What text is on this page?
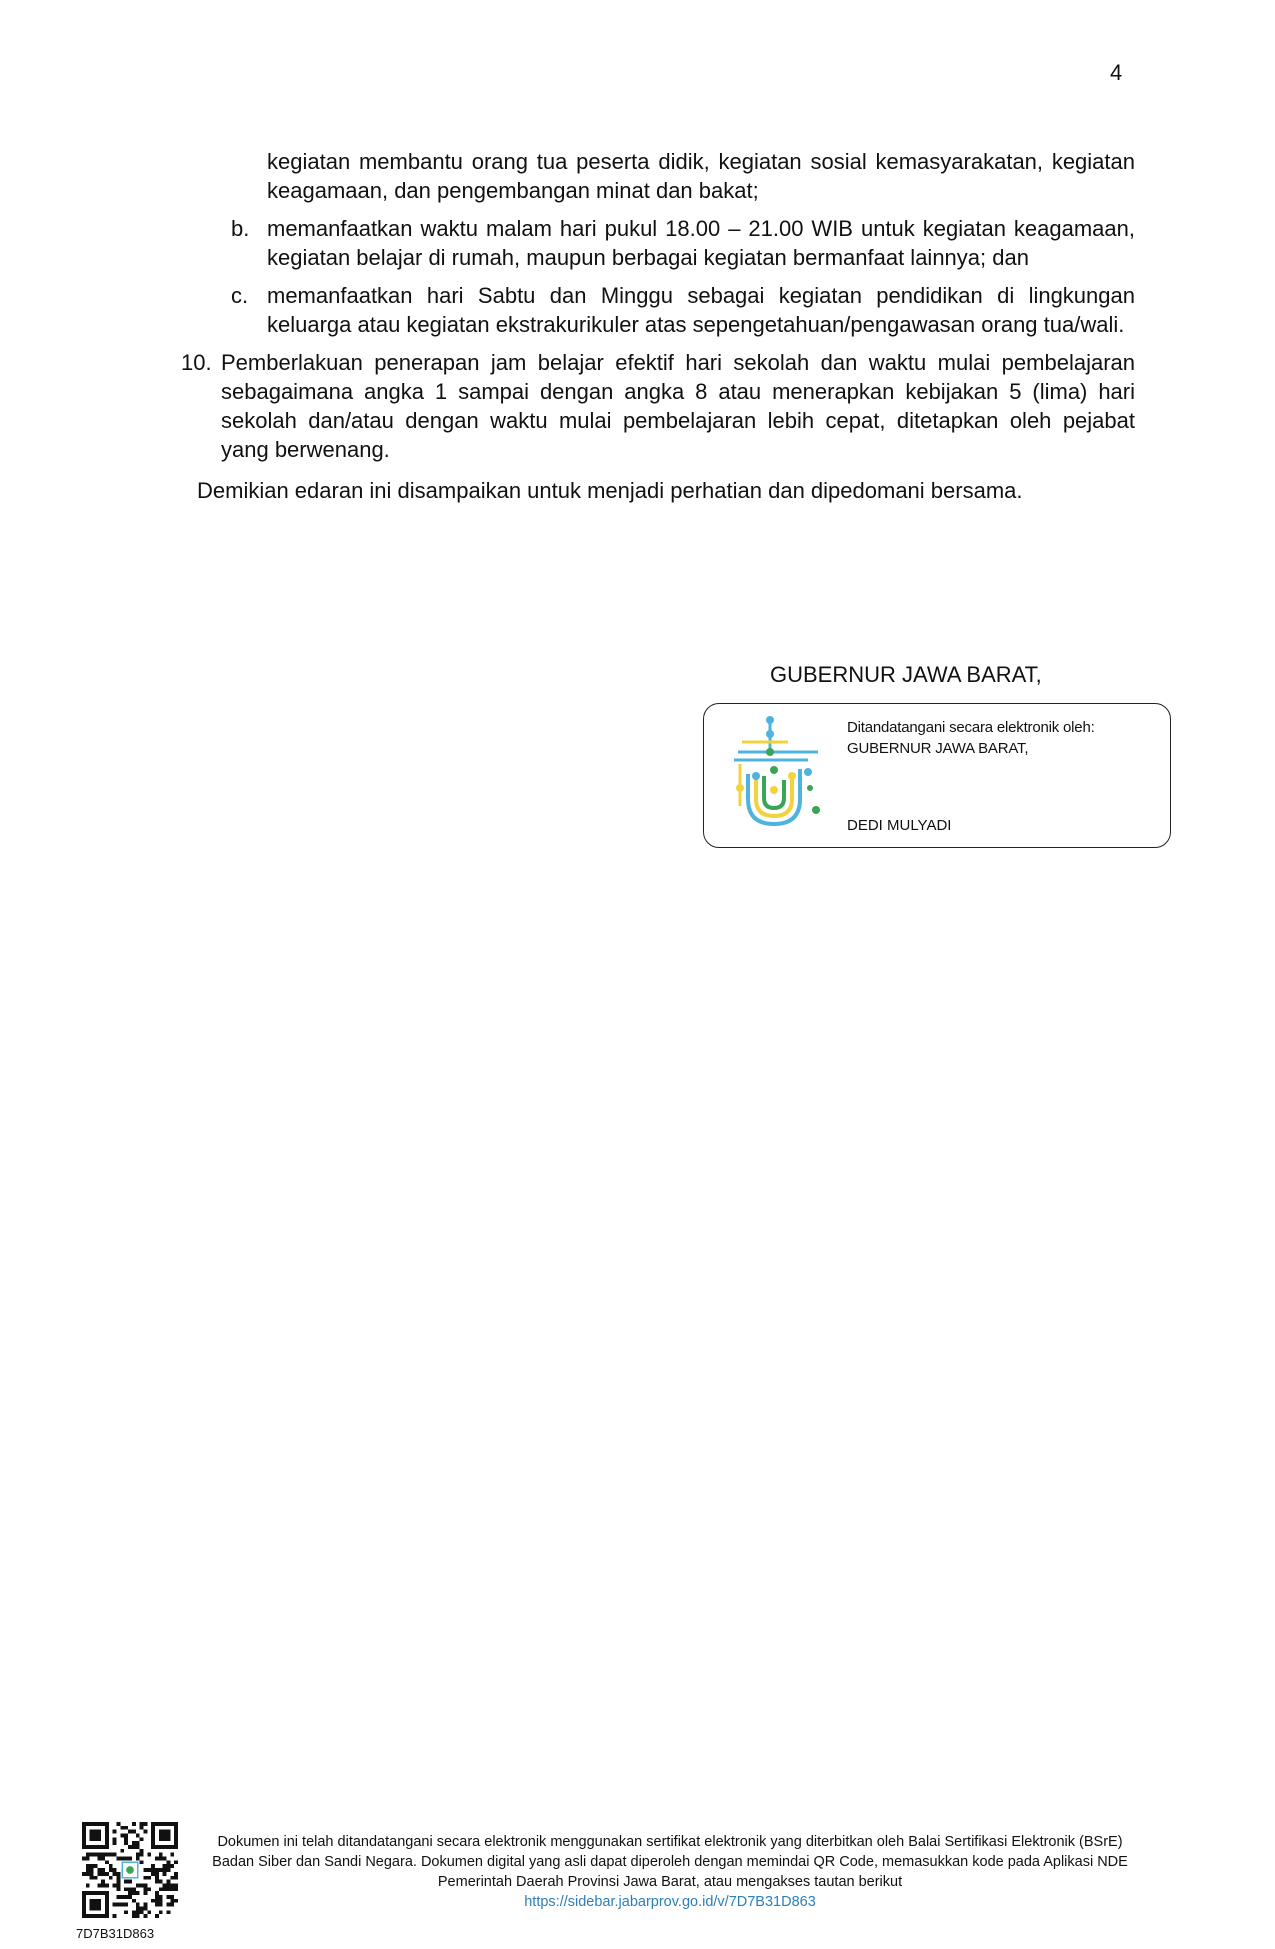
4
kegiatan membantu orang tua peserta didik, kegiatan sosial kemasyarakatan, kegiatan keagamaan, dan pengembangan minat dan bakat;
b. memanfaatkan waktu malam hari pukul 18.00 – 21.00 WIB untuk kegiatan keagamaan, kegiatan belajar di rumah, maupun berbagai kegiatan bermanfaat lainnya; dan
c. memanfaatkan hari Sabtu dan Minggu sebagai kegiatan pendidikan di lingkungan keluarga atau kegiatan ekstrakurikuler atas sepengetahuan/pengawasan orang tua/wali.
10. Pemberlakuan penerapan jam belajar efektif hari sekolah dan waktu mulai pembelajaran sebagaimana angka 1 sampai dengan angka 8 atau menerapkan kebijakan 5 (lima) hari sekolah dan/atau dengan waktu mulai pembelajaran lebih cepat, ditetapkan oleh pejabat yang berwenang.
Demikian edaran ini disampaikan untuk menjadi perhatian dan dipedomani bersama.
GUBERNUR JAWA BARAT,
Ditandatangani secara elektronik oleh:
GUBERNUR JAWA BARAT,
DEDI MULYADI
7D7B31D863
Dokumen ini telah ditandatangani secara elektronik menggunakan sertifikat elektronik yang diterbitkan oleh Balai Sertifikasi Elektronik (BSrE) Badan Siber dan Sandi Negara. Dokumen digital yang asli dapat diperoleh dengan memindai QR Code, memasukkan kode pada Aplikasi NDE Pemerintah Daerah Provinsi Jawa Barat, atau mengakses tautan berikut
https://sidebar.jabarprov.go.id/v/7D7B31D863
